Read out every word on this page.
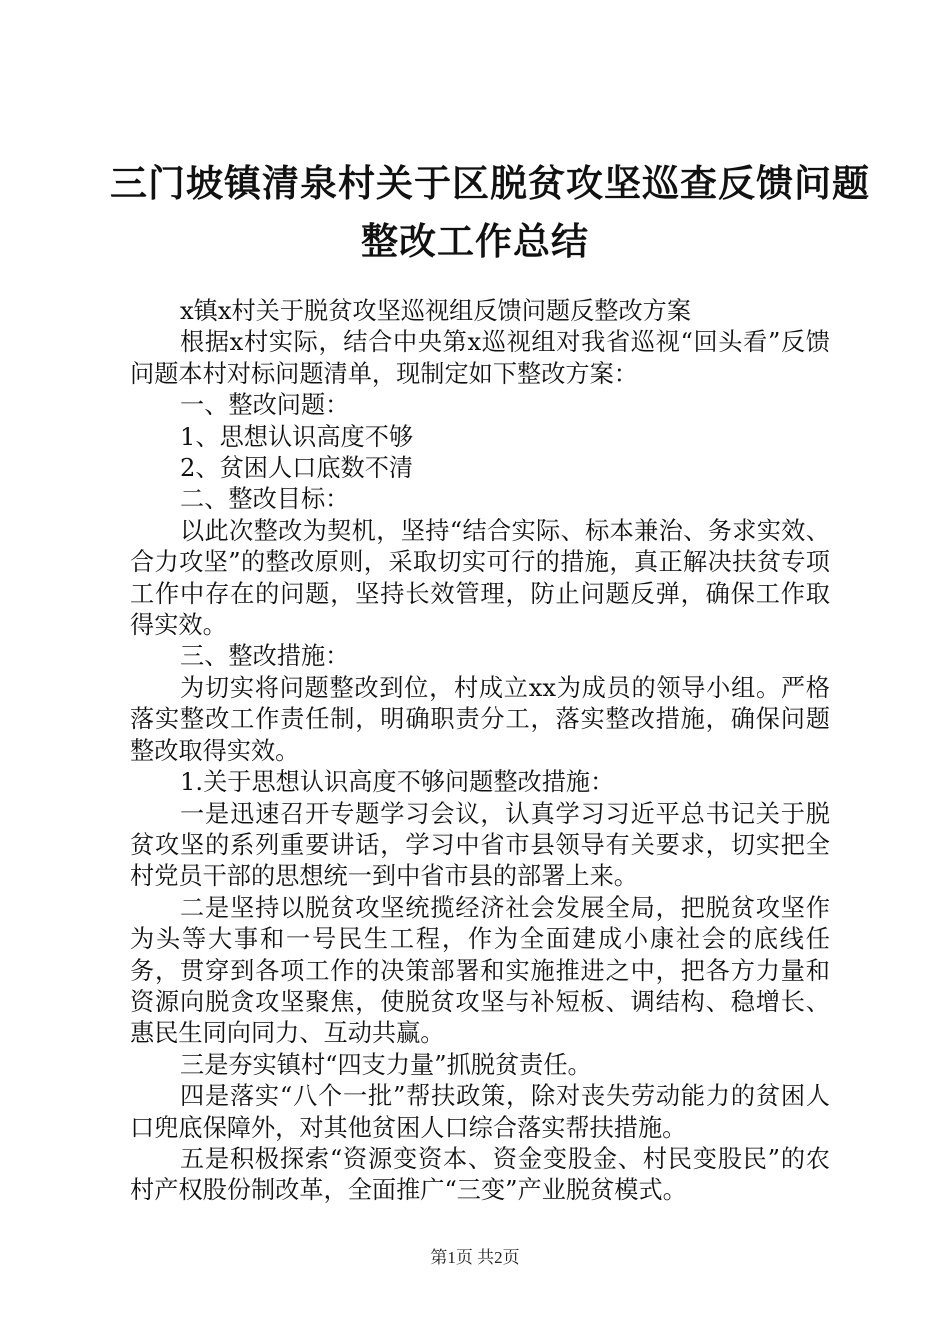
三门坡镇清泉村关于区脱贫攻坚巡查反馈问题
整改工作总结

x镇x村关于脱贫攻坚巡视组反馈问题反整改方案

根据x村实际，结合中央第x巡视组对我省巡视“回头看”反馈问题本村对标问题清单，现制定如下整改方案：

一、整改问题：

1、思想认识高度不够

2、贫困人口底数不清

二、整改目标：

以此次整改为契机，坚持“结合实际、标本兼治、务求实效、合力攻坚”的整改原则，采取切实可行的措施，真正解决扶贫专项工作中存在的问题，坚持长效管理，防止问题反弹，确保工作取得实效。

三、整改措施：

为切实将问题整改到位，村成立xx为成员的领导小组。严格落实整改工作责任制，明确职责分工，落实整改措施，确保问题整改取得实效。

1.关于思想认识高度不够问题整改措施：

一是迅速召开专题学习会议，认真学习习近平总书记关于脱贫攻坚的系列重要讲话，学习中省市县领导有关要求，切实把全村党员干部的思想统一到中省市县的部署上来。

二是坚持以脱贫攻坚统揽经济社会发展全局，把脱贫攻坚作为头等大事和一号民生工程，作为全面建成小康社会的底线任务，贯穿到各项工作的决策部署和实施推进之中，把各方力量和资源向脱贪攻坚聚焦，使脱贫攻坚与补短板、调结构、稳增长、惠民生同向同力、互动共赢。

三是夯实镇村“四支力量”抓脱贫责任。

四是落实“八个一批”帮扶政策，除对丧失劳动能力的贫困人口兜底保障外，对其他贫困人口综合落实帮扶措施。

五是积极探索“资源变资本、资金变股金、村民变股民”的农村产权股份制改革，全面推广“三变”产业脱贫模式。

第1页 共2页
